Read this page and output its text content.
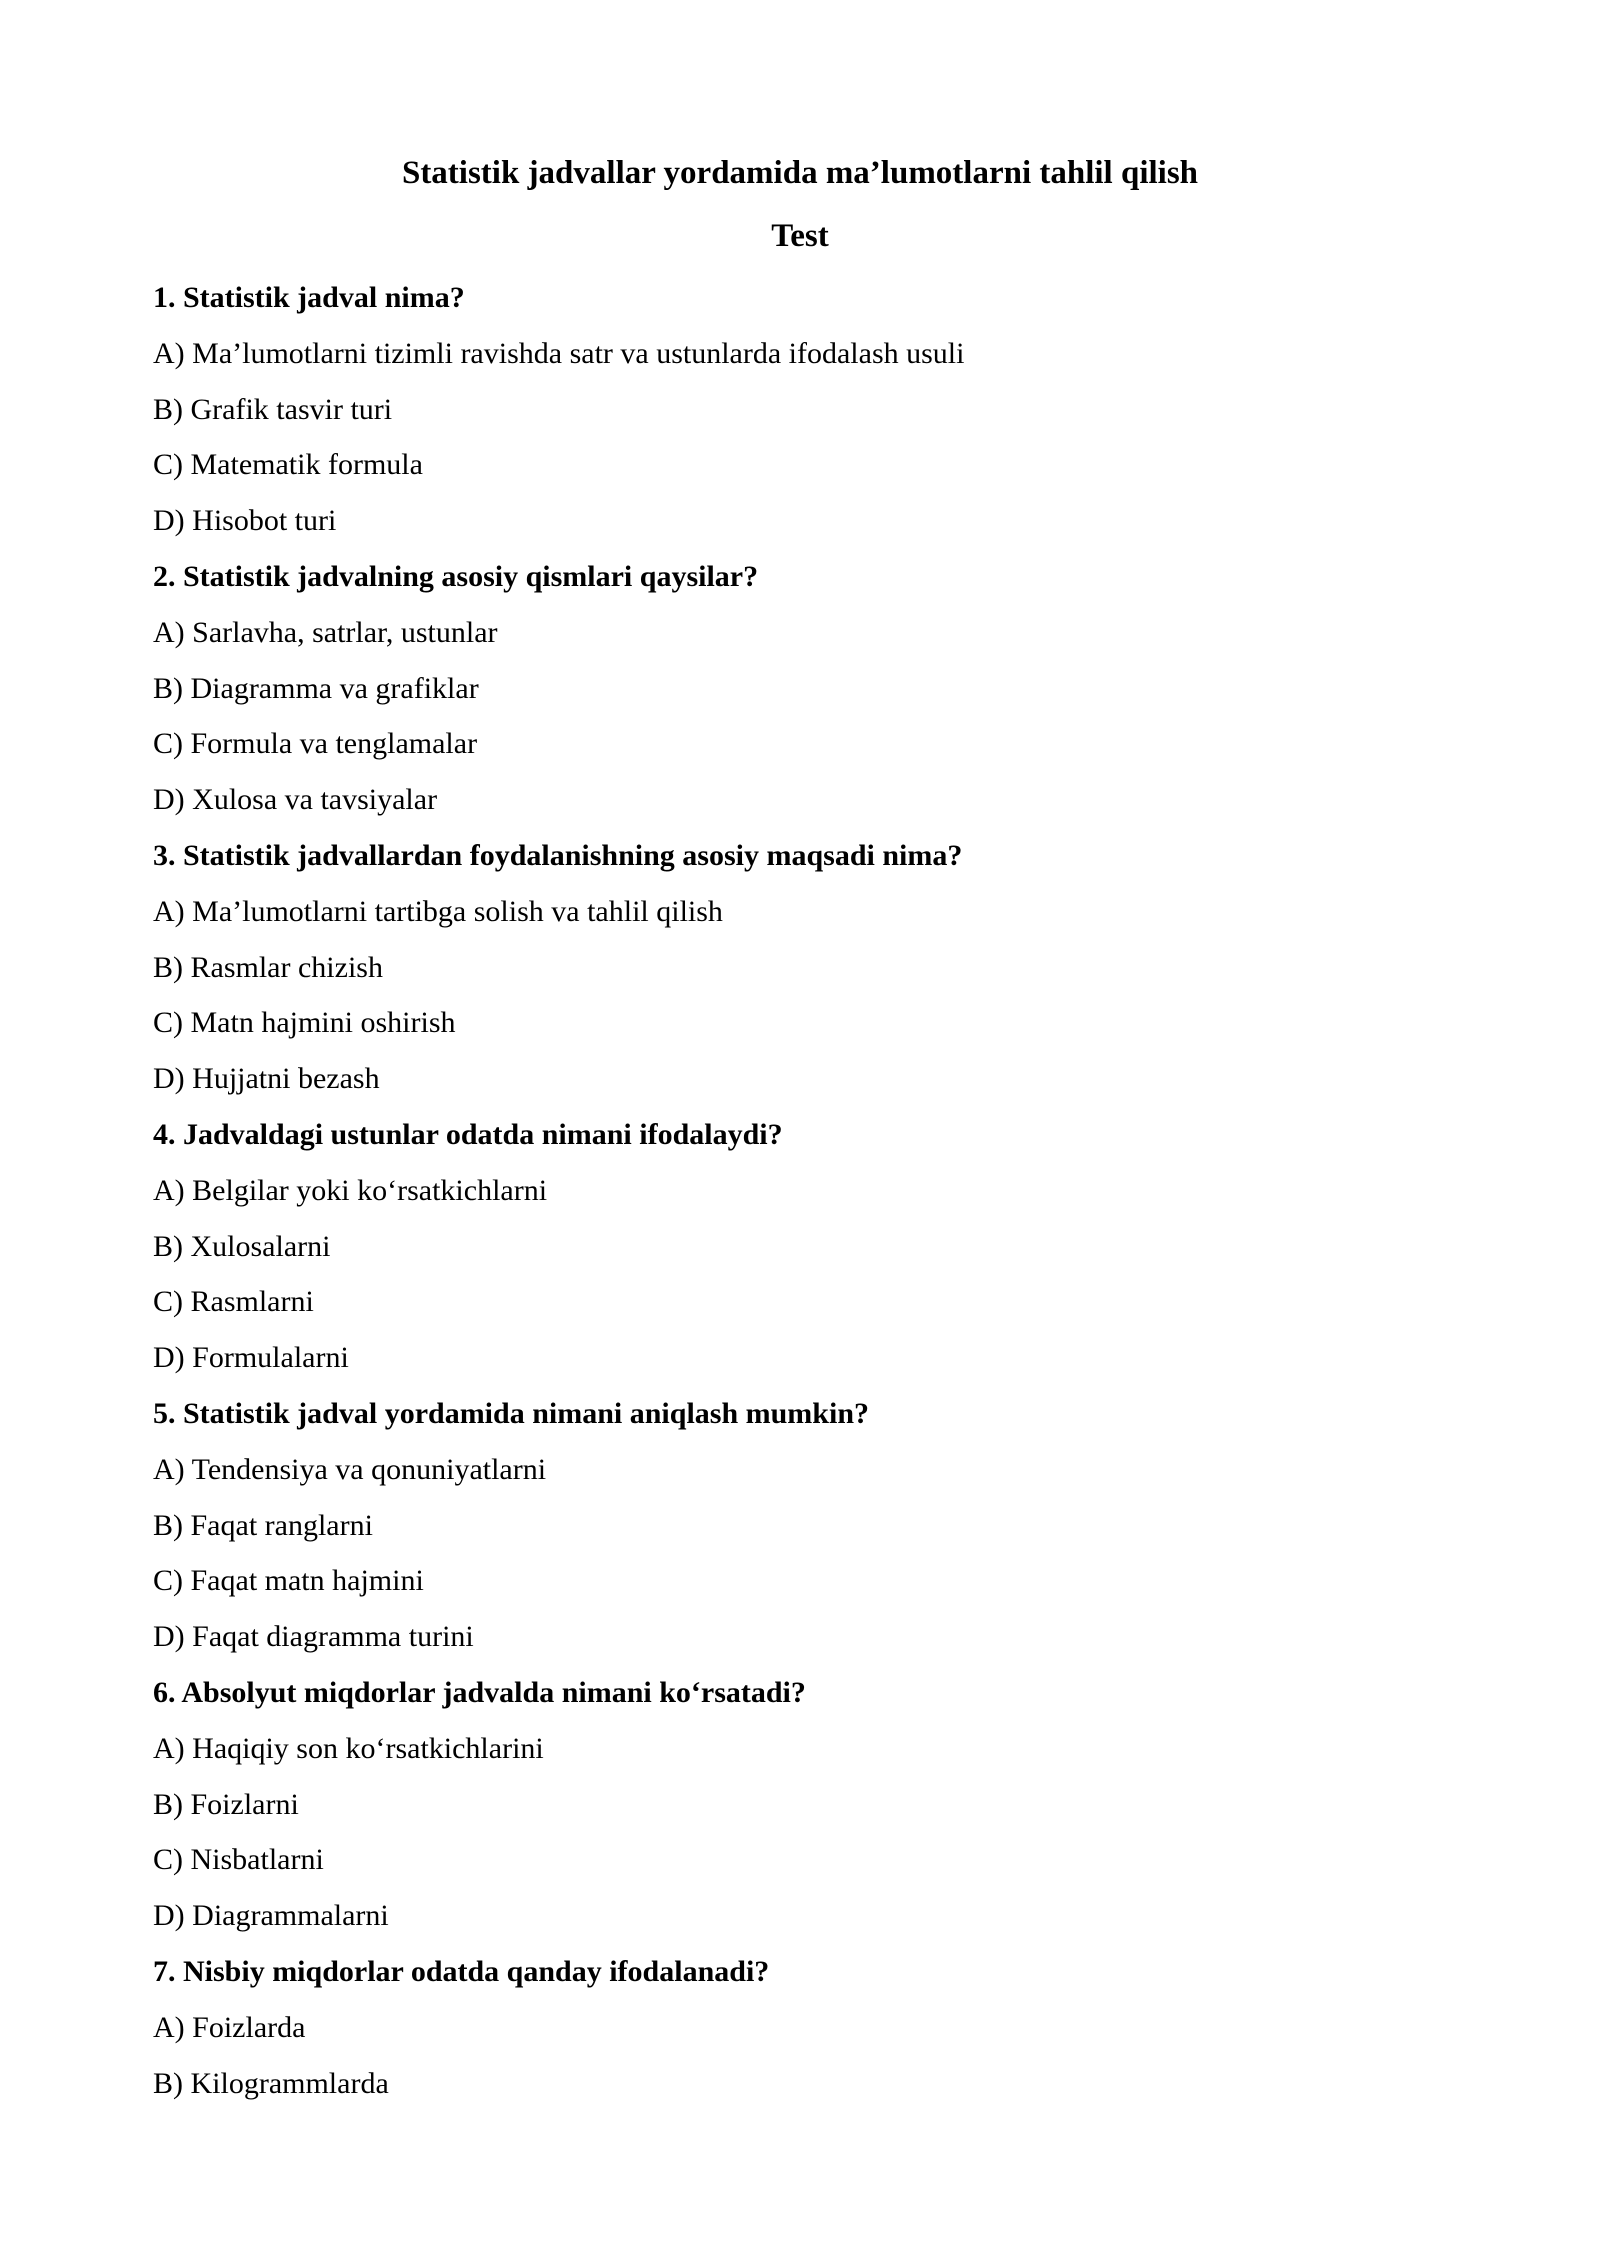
Statistik jadvallar yordamida ma’lumotlarni tahlil qilish
Test
1. Statistik jadval nima?
A) Ma’lumotlarni tizimli ravishda satr va ustunlarda ifodalash usuli
B) Grafik tasvir turi
C) Matematik formula
D) Hisobot turi
2. Statistik jadvalning asosiy qismlari qaysilar?
A) Sarlavha, satrlar, ustunlar
B) Diagramma va grafiklar
C) Formula va tenglamalar
D) Xulosa va tavsiyalar
3. Statistik jadvallardan foydalanishning asosiy maqsadi nima?
A) Ma’lumotlarni tartibga solish va tahlil qilish
B) Rasmlar chizish
C) Matn hajmini oshirish
D) Hujjatni bezash
4. Jadvaldagi ustunlar odatda nimani ifodalaydi?
A) Belgilar yoki ko‘rsatkichlarni
B) Xulosalarni
C) Rasmlarni
D) Formulalarni
5. Statistik jadval yordamida nimani aniqlash mumkin?
A) Tendensiya va qonuniyatlarni
B) Faqat ranglarni
C) Faqat matn hajmini
D) Faqat diagramma turini
6. Absolyut miqdorlar jadvalda nimani ko‘rsatadi?
A) Haqiqiy son ko‘rsatkichlarini
B) Foizlarni
C) Nisbatlarni
D) Diagrammalarni
7. Nisbiy miqdorlar odatda qanday ifodalanadi?
A) Foizlarda
B) Kilogrammlarda
